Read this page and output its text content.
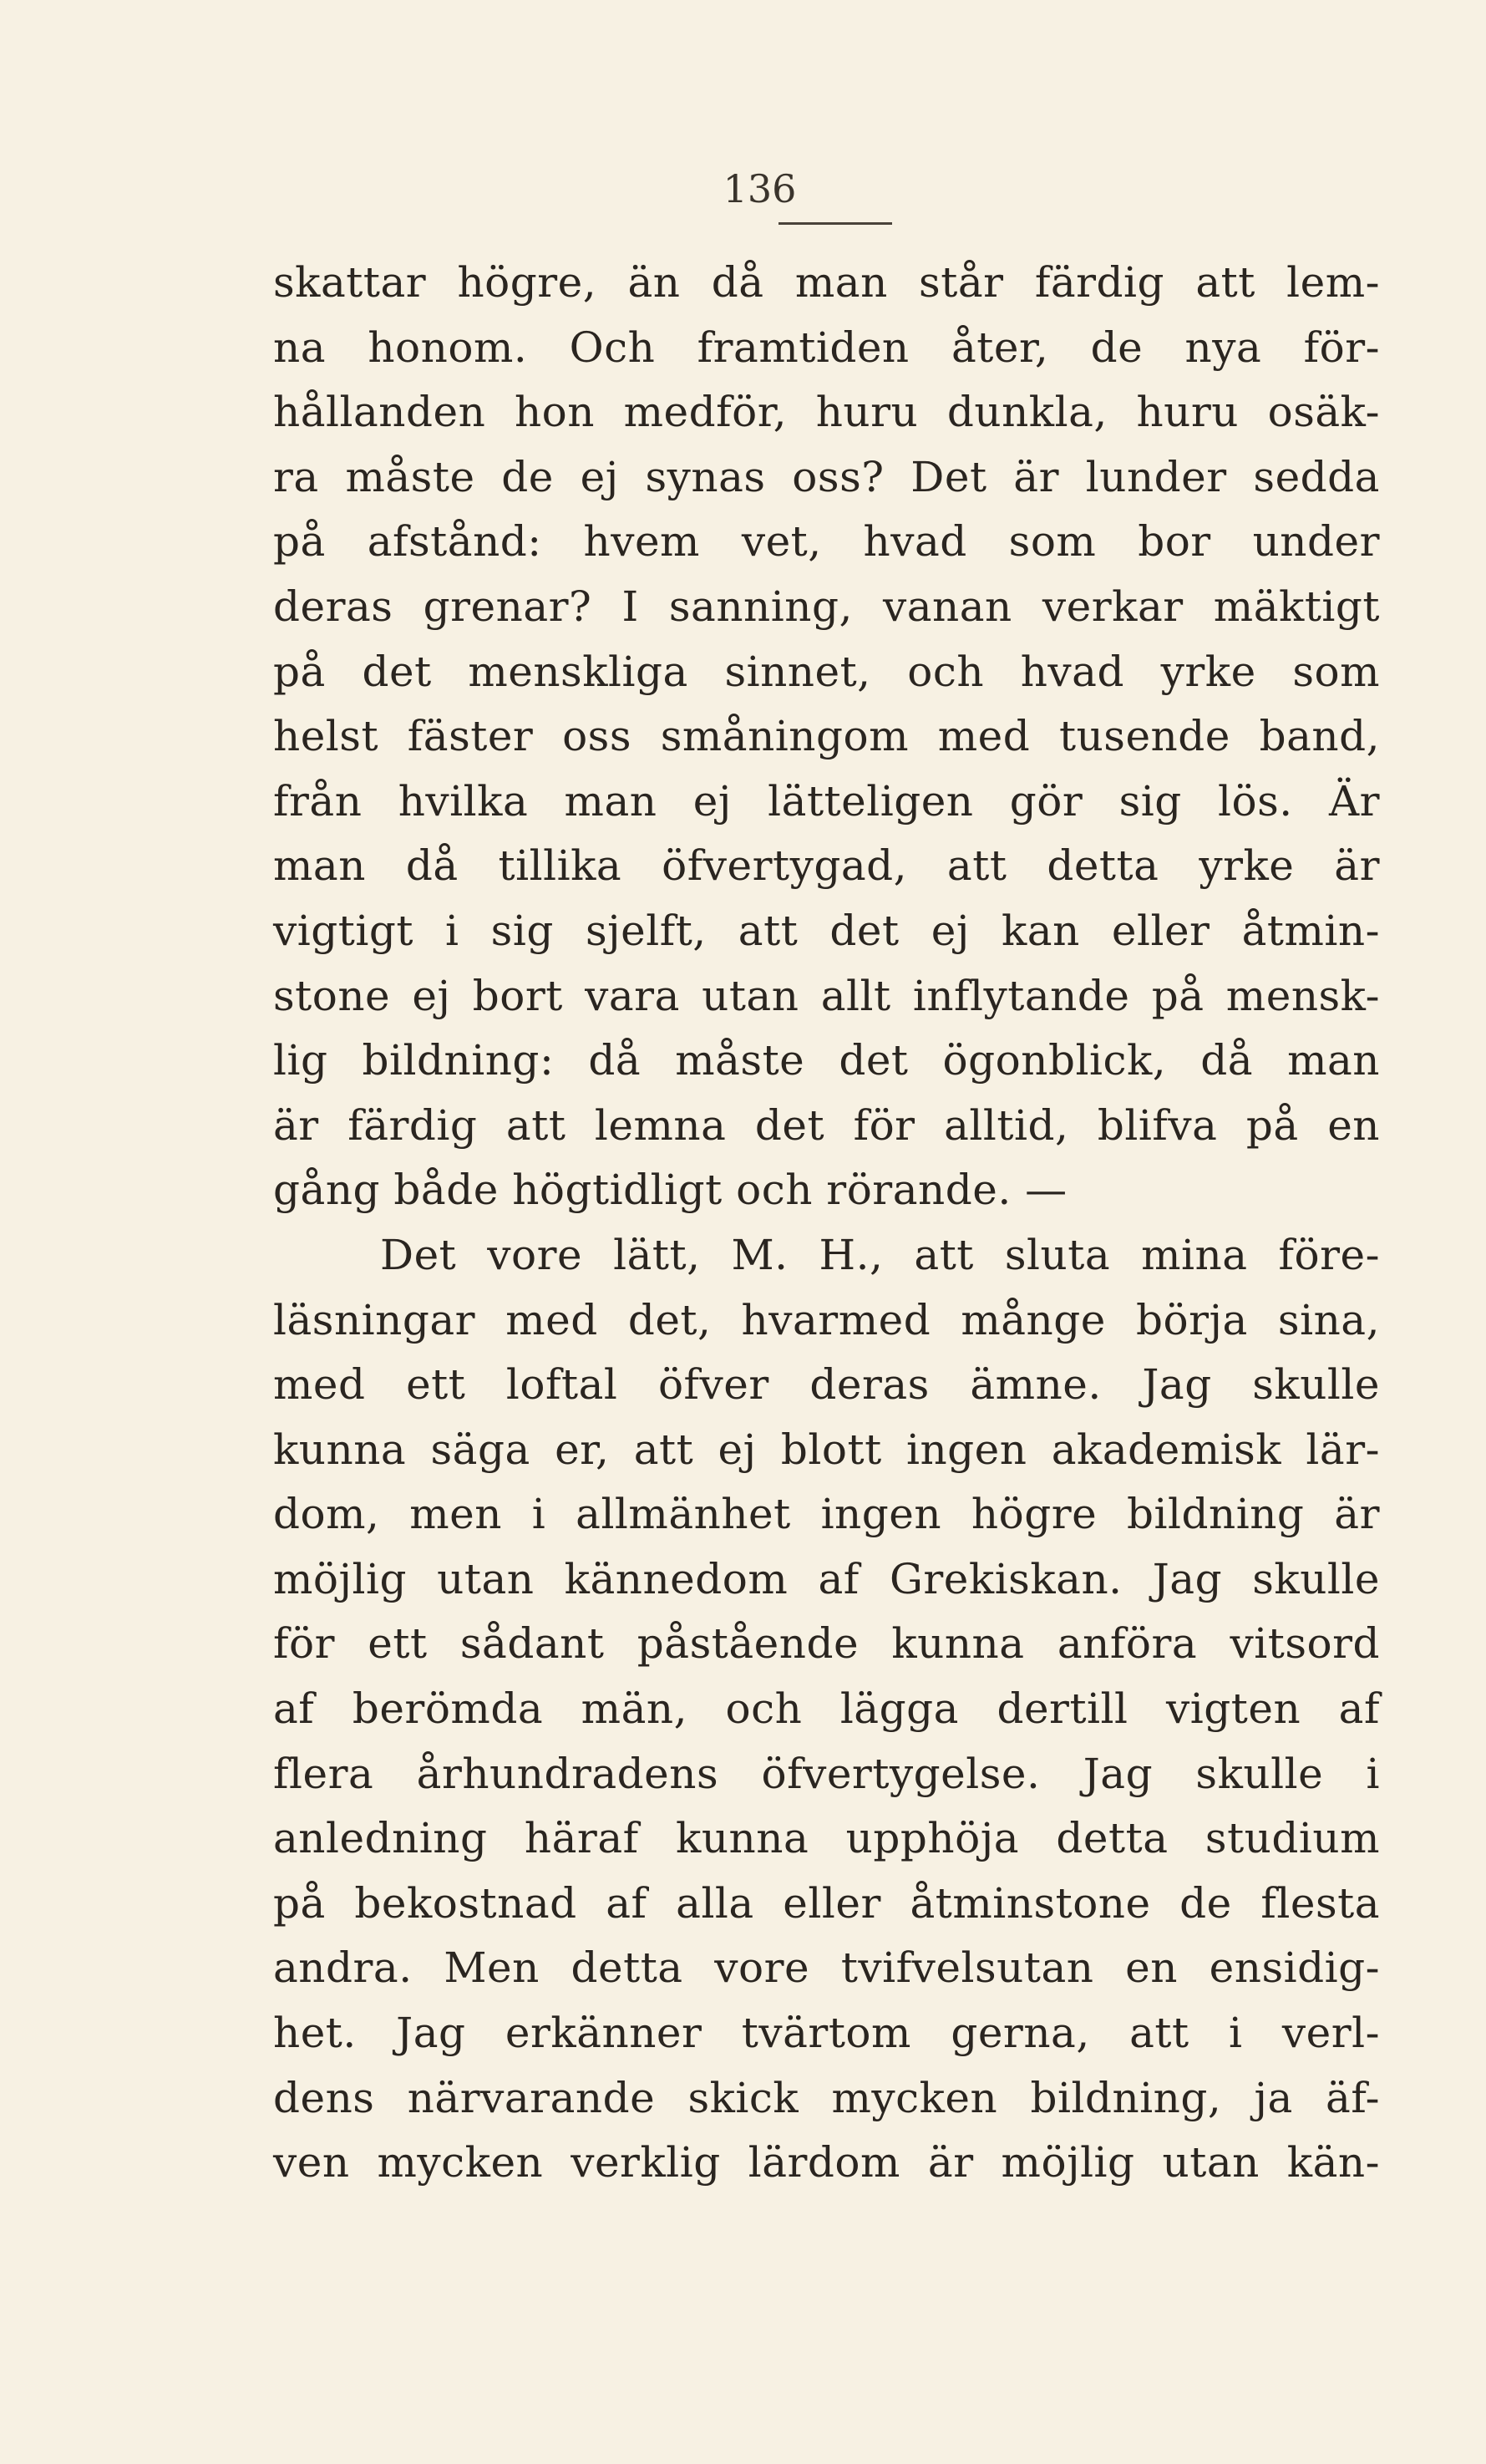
136
skattar högre, än då man står färdig att lem-
na honom. Och framtiden åter, de nya för-
hållanden hon medför, huru dunkla, huru osäk-
ra måste de ej synas oss? Det är lunder sedda
på afstånd: hvem vet, hvad som bor under
deras grenar? I sanning, vanan verkar mäktigt
på det menskliga sinnet, och hvad yrke som
helst fäster oss småningom med tusende band,
från hvilka man ej lätteligen gör sig lös. Är
man då tillika öfvertygad, att detta yrke är
vigtigt i sig sjelft, att det ej kan eller åtmin-
stone ej bort vara utan allt inflytande på mensk-
lig bildning: då måste det ögonblick, då man
är färdig att lemna det för alltid, blifva på en
gång både högtidligt och rörande. —
Det vore lätt, M. H., att sluta mina före-
läsningar med det, hvarmed månge börja sina,
med ett loftal öfver deras ämne. Jag skulle
kunna säga er, att ej blott ingen akademisk lär-
dom, men i allmänhet ingen högre bildning är
möjlig utan kännedom af Grekiskan. Jag skulle
för ett sådant påstående kunna anföra vitsord
af berömda män, och lägga dertill vigten af
flera århundradens öfvertygelse. Jag skulle i
anledning häraf kunna upphöja detta studium
på bekostnad af alla eller åtminstone de flesta
andra. Men detta vore tvifvelsutan en ensidig-
het. Jag erkänner tvärtom gerna, att i verl-
dens närvarande skick mycken bildning, ja äf-
ven mycken verklig lärdom är möjlig utan kän-
